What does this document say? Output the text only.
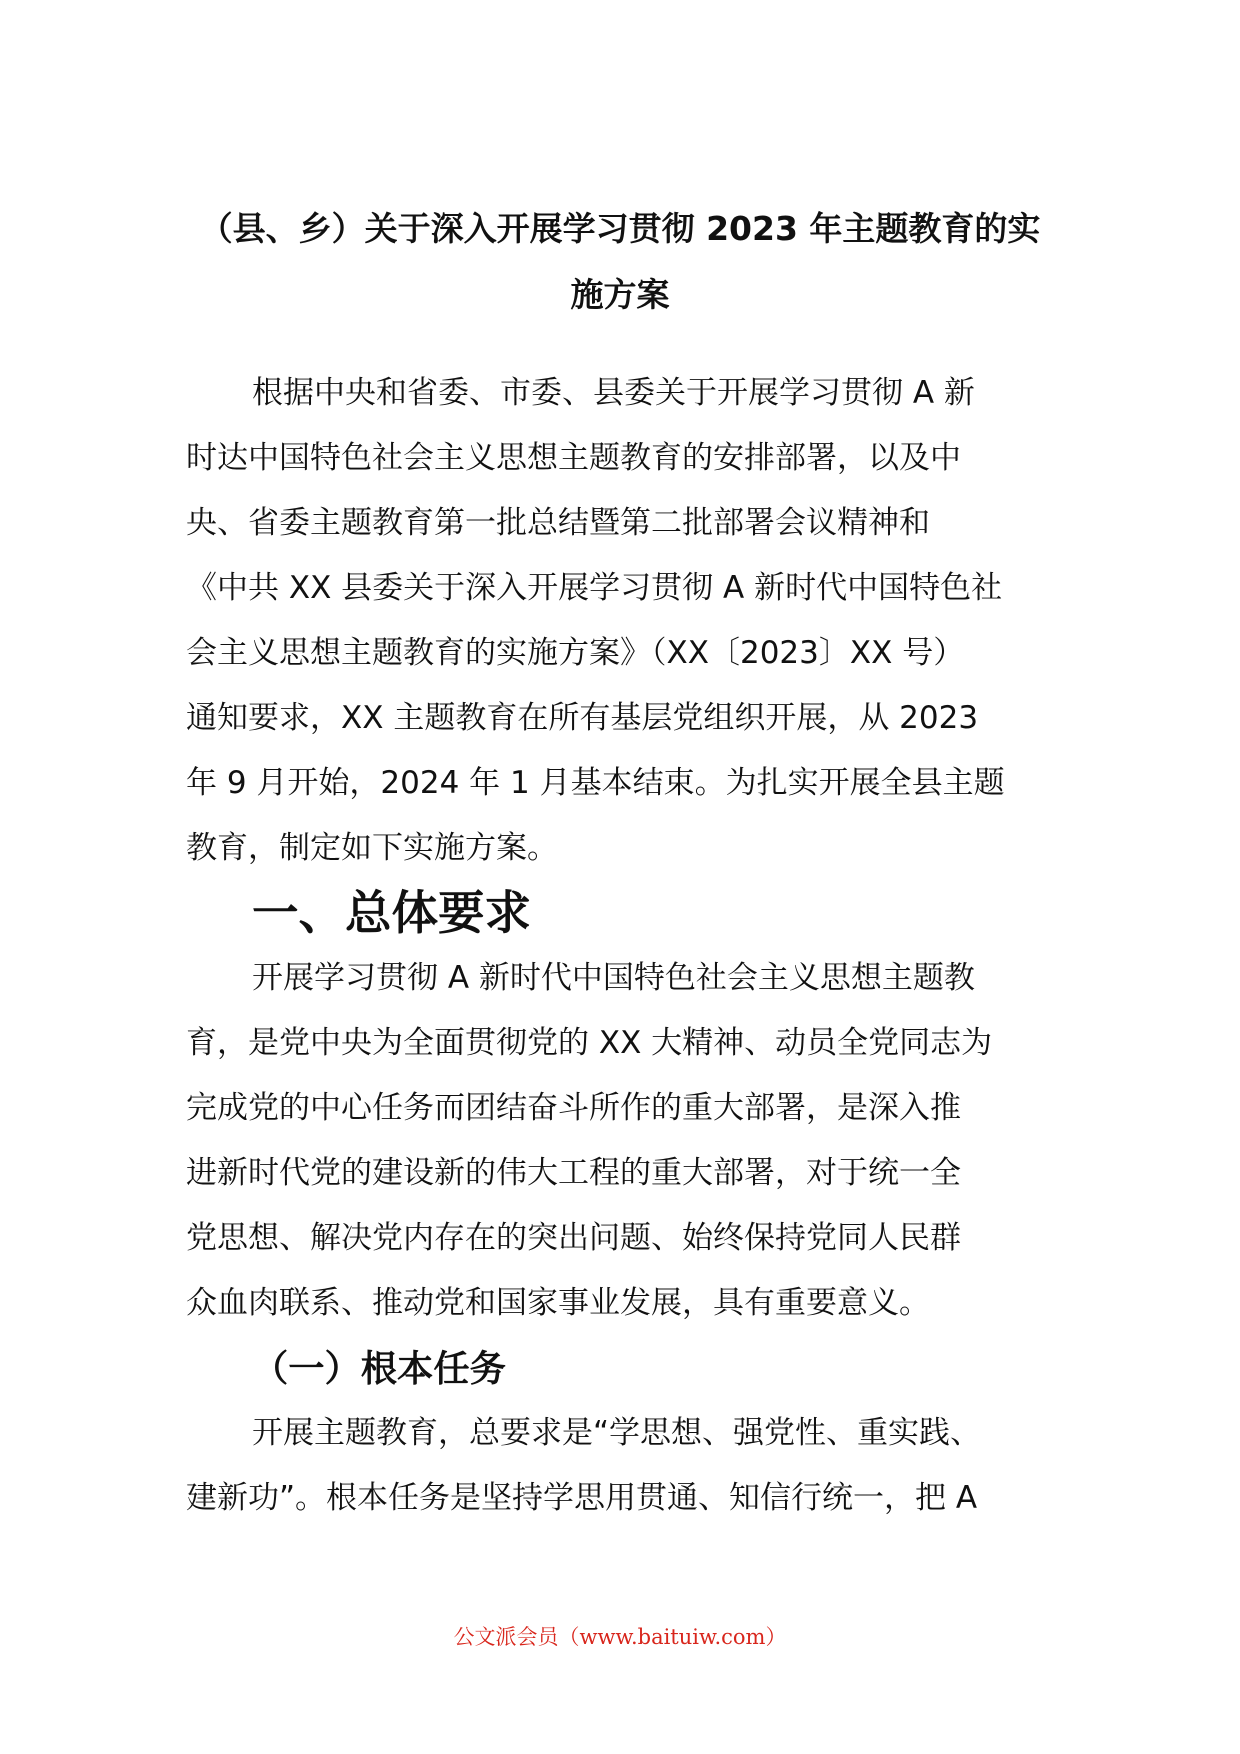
（县、乡）关于深入开展学习贯彻 2023 年主题教育的实
施方案

根据中央和省委、市委、县委关于开展学习贯彻 A 新
时达中国特色社会主义思想主题教育的安排部署，以及中
央、省委主题教育第一批总结暨第二批部署会议精神和
《中共 XX 县委关于深入开展学习贯彻 A 新时代中国特色社
会主义思想主题教育的实施方案》（XX〔2023〕XX 号）
通知要求，XX 主题教育在所有基层党组织开展，从 2023
年 9 月开始，2024 年 1 月基本结束。为扎实开展全县主题
教育，制定如下实施方案。

一、总体要求

开展学习贯彻 A 新时代中国特色社会主义思想主题教
育，是党中央为全面贯彻党的 XX 大精神、动员全党同志为
完成党的中心任务而团结奋斗所作的重大部署，是深入推
进新时代党的建设新的伟大工程的重大部署，对于统一全
党思想、解决党内存在的突出问题、始终保持党同人民群
众血肉联系、推动党和国家事业发展，具有重要意义。

（一）根本任务

开展主题教育，总要求是“学思想、强党性、重实践、
建新功”。根本任务是坚持学思用贯通、知信行统一，把 A

公文派会员（www.baituiw.com）
